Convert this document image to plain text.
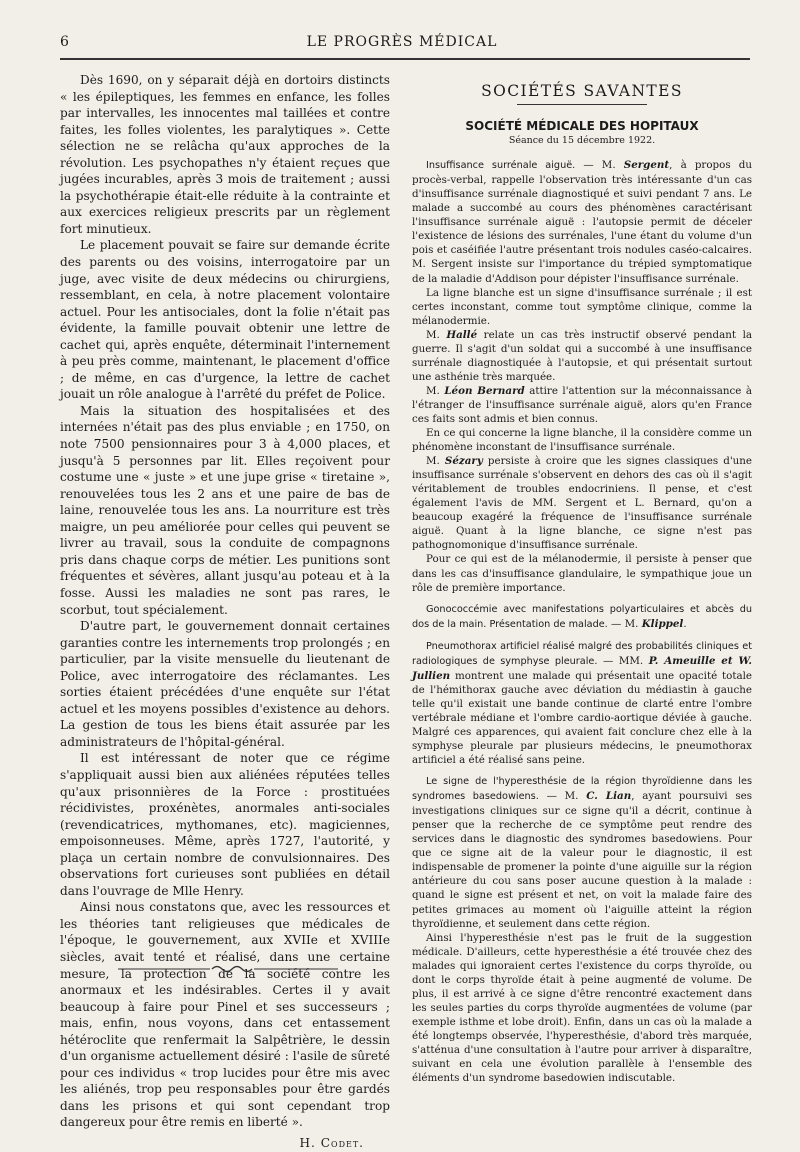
6	LE PROGRÈS MÉDICAL

Dès 1690, on y séparait déjà en dortoirs distincts « les épileptiques, les femmes en enfance, les folles par intervalles, les innocentes mal taillées et contre faites, les folles violentes, les paralytiques ». Cette sélection ne se relâcha qu'aux approches de la révolution. Les psychopathes n'y étaient reçues que jugées incurables, après 3 mois de traitement ; aussi la psychothérapie était-elle réduite à la contrainte et aux exercices religieux prescrits par un règlement fort minutieux.

Le placement pouvait se faire sur demande écrite des parents ou des voisins, interrogatoire par un juge, avec visite de deux médecins ou chirurgiens, ressemblant, en cela, à notre placement volontaire actuel. Pour les antisociales, dont la folie n'était pas évidente, la famille pouvait obtenir une lettre de cachet qui, après enquête, déterminait l'internement à peu près comme, maintenant, le placement d'office ; de même, en cas d'urgence, la lettre de cachet jouait un rôle analogue à l'arrêté du préfet de Police.

Mais la situation des hospitalisées et des internées n'était pas des plus enviable ; en 1750, on note 7500 pensionnaires pour 3 à 4,000 places, et jusqu'à 5 personnes par lit. Elles reçoivent pour costume une « juste » et une jupe grise « tiretaine », renouvelées tous les 2 ans et une paire de bas de laine, renouvelée tous les ans. La nourriture est très maigre, un peu améliorée pour celles qui peuvent se livrer au travail, sous la conduite de compagnons pris dans chaque corps de métier. Les punitions sont fréquentes et sévères, allant jusqu'au poteau et à la fosse. Aussi les maladies ne sont pas rares, le scorbut, tout spécialement.

D'autre part, le gouvernement donnait certaines garanties contre les internements trop prolongés ; en particulier, par la visite mensuelle du lieutenant de Police, avec interrogatoire des réclamantes. Les sorties étaient précédées d'une enquête sur l'état actuel et les moyens possibles d'existence au dehors. La gestion de tous les biens était assurée par les administrateurs de l'hôpital-général.

Il est intéressant de noter que ce régime s'appliquait aussi bien aux aliénées réputées telles qu'aux prisonnières de la Force : prostituées récidivistes, proxénètes, anormales anti-sociales (revendicatrices, mythomanes, etc). magiciennes, empoisonneuses. Même, après 1727, l'autorité, y plaça un certain nombre de convulsionnaires. Des observations fort curieuses sont publiées en détail dans l'ouvrage de Mlle Henry.

Ainsi nous constatons que, avec les ressources et les théories tant religieuses que médicales de l'époque, le gouvernement, aux XVIIe et XVIIIe siècles, avait tenté et réalisé, dans une certaine mesure, la protection de la société contre les anormaux et les indésirables. Certes il y avait beaucoup à faire pour Pinel et ses successeurs ; mais, enfin, nous voyons, dans cet entassement hétéroclite que renfermait la Salpêtrière, le dessin d'un organisme actuellement désiré : l'asile de sûreté pour ces individus « trop lucides pour être mis avec les aliénés, trop peu responsables pour être gardés dans les prisons et qui sont cependant trop dangereux pour être remis en liberté ».

H. Codet.
SOCIÉTÉS SAVANTES
SOCIÉTÉ MÉDICALE DES HOPITAUX
Séance du 15 décembre 1922.

Insuffisance surrénale aiguë. — M. Sergent, à propos du procès-verbal, rappelle l'observation très intéressante d'un cas d'insuffisance surrénale diagnostiqué et suivi pendant 7 ans. Le malade a succombé au cours des phénomènes caractérisant l'insuffisance surrénale aiguë : l'autopsie permit de déceler l'existence de lésions des surrénales, l'une étant du volume d'un pois et caséifiée l'autre présentant trois nodules caséo-calcaires. M. Sergent insiste sur l'importance du trépied symptomatique de la maladie d'Addison pour dépister l'insuffisance surrénale.

La ligne blanche est un signe d'insuffisance surrénale ; il est certes inconstant, comme tout symptôme clinique, comme la mélanodermie.

M. Hallé relate un cas très instructif observé pendant la guerre. Il s'agit d'un soldat qui a succombé à une insuffisance surrénale diagnostiquée à l'autopsie, et qui présentait surtout une asthénie très marquée.

M. Léon Bernard attire l'attention sur la méconnaissance à l'étranger de l'insuffisance surrénale aiguë, alors qu'en France ces faits sont admis et bien connus.

En ce qui concerne la ligne blanche, il la considère comme un phénomène inconstant de l'insuffisance surrénale.

M. Sézary persiste à croire que les signes classiques d'une insuffisance surrénale s'observent en dehors des cas où il s'agit véritablement de troubles endocriniens. Il pense, et c'est également l'avis de MM. Sergent et L. Bernard, qu'on a beaucoup exagéré la fréquence de l'insuffisance surrénale aiguë. Quant à la ligne blanche, ce signe n'est pas pathognomonique d'insuffisance surrénale.

Pour ce qui est de la mélanodermie, il persiste à penser que dans les cas d'insuffisance glandulaire, le sympathique joue un rôle de première importance.

Gonococcémie avec manifestations polyarticulaires et abcès du dos de la main. Présentation de malade. — M. Klippel.

Pneumothorax artificiel réalisé malgré des probabilités cliniques et radiologiques de symphyse pleurale. — MM. P. Ameuille et W. Jullien montrent une malade qui présentait une opacité totale de l'hémithorax gauche avec déviation du médiastin à gauche telle qu'il existait une bande continue de clarté entre l'ombre vertébrale médiane et l'ombre cardio-aortique déviée à gauche. Malgré ces apparences, qui avaient fait conclure chez elle à la symphyse pleurale par plusieurs médecins, le pneumothorax artificiel a été réalisé sans peine.

Le signe de l'hyperesthésie de la région thyroïdienne dans les syndromes basedowiens. — M. C. Lian, ayant poursuivi ses investigations cliniques sur ce signe qu'il a décrit, continue à penser que la recherche de ce symptôme peut rendre des services dans le diagnostic des syndromes basedowiens. Pour que ce signe ait de la valeur pour le diagnostic, il est indispensable de promener la pointe d'une aiguille sur la région antérieure du cou sans poser aucune question à la malade : quand le signe est présent et net, on voit la malade faire des petites grimaces au moment où l'aiguille atteint la région thyroïdienne, et seulement dans cette région.

Ainsi l'hyperesthésie n'est pas le fruit de la suggestion médicale. D'ailleurs, cette hyperesthésie a été trouvée chez des malades qui ignoraient certes l'existence du corps thyroïde, ou dont le corps thyroïde était à peine augmenté de volume. De plus, il est arrivé à ce signe d'être rencontré exactement dans les seules parties du corps thyroïde augmentées de volume (par exemple isthme et lobe droit). Enfin, dans un cas où la malade a été longtemps observée, l'hyperesthésie, d'abord très marquée, s'atténua d'une consultation à l'autre pour arriver à disparaître, suivant en cela une évolution parallèle à l'ensemble des éléments d'un syndrome basedowien indiscutable.
